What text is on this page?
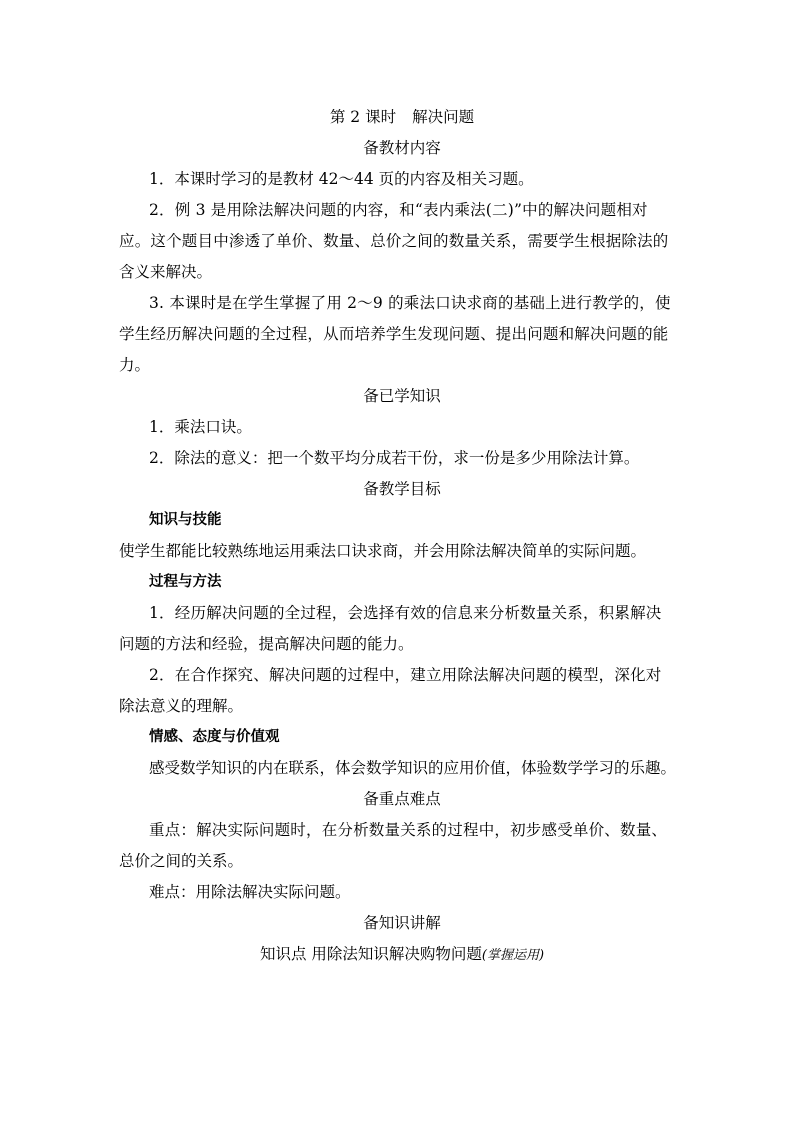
第 2 课时 解决问题
备教材内容
1．本课时学习的是教材 42～44 页的内容及相关习题。
2．例 3 是用除法解决问题的内容，和“表内乘法(二)”中的解决问题相对
应。这个题目中渗透了单价、数量、总价之间的数量关系，需要学生根据除法的
含义来解决。
3. 本课时是在学生掌握了用 2～9 的乘法口诀求商的基础上进行教学的，使
学生经历解决问题的全过程，从而培养学生发现问题、提出问题和解决问题的能
力。
备已学知识
1．乘法口诀。
2．除法的意义：把一个数平均分成若干份，求一份是多少用除法计算。
备教学目标
知识与技能
使学生都能比较熟练地运用乘法口诀求商，并会用除法解决简单的实际问题。
过程与方法
1．经历解决问题的全过程，会选择有效的信息来分析数量关系，积累解决
问题的方法和经验，提高解决问题的能力。
2．在合作探究、解决问题的过程中，建立用除法解决问题的模型，深化对
除法意义的理解。
情感、态度与价值观
感受数学知识的内在联系，体会数学知识的应用价值，体验数学学习的乐趣。
备重点难点
重点：解决实际问题时，在分析数量关系的过程中，初步感受单价、数量、
总价之间的关系。
难点：用除法解决实际问题。
备知识讲解
知识点 用除法知识解决购物问题(掌握运用)
